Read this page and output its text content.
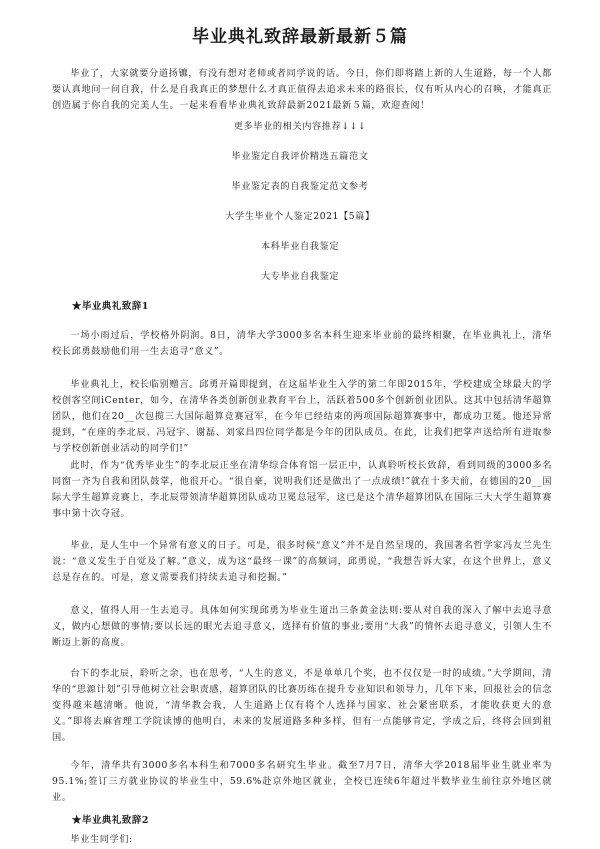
毕业典礼致辞最新最新５篇
毕业了，大家就要分道扬镳，有没有想对老师或者同学说的话。今日，你们即将踏上新的人生道路，每一个人都要认真地问一问自我，什么是自我真正的梦想什么才真正值得去追求未来的路很长，仅有听从内心的召唤，才能真正创造属于你自我的完美人生。一起来看看毕业典礼致辞最新2021最新５篇，欢迎查阅！
更多毕业的相关内容推荐↓↓↓
毕业鉴定自我评价精选五篇范文
毕业鉴定表的自我鉴定范文参考
大学生毕业个人鉴定2021【5篇】
本科毕业自我鉴定
大专毕业自我鉴定
★毕业典礼致辞1
一场小雨过后，学校格外阴润。8日，清华大学3000多名本科生迎来毕业前的最终相聚，在毕业典礼上，清华校长邱勇鼓励他们用一生去追寻“意义”。
毕业典礼上，校长临别赠言。邱勇开篇即提到，在这届毕业生入学的第二年即2015年，学校建成全球最大的学校创客空间iCenter，如今，在清华各类创新创业教育平台上，活跃着500多个创新创业团队。这其中包括清华超算团队，他们在20__次包揽三大国际超算竞赛冠军，在今年已经结束的两项国际超算赛事中，都成功卫冕。他还异常提到，“在座的李北辰、冯冠宇、谢磊、刘家昌四位同学都是今年的团队成员。在此，让我们把掌声送给所有进取参与学校创新创业活动的同学们!”
此时，作为“优秀毕业生”的李北辰正坐在清华综合体育馆一层正中，认真聆听校长致辞，看到同级的3000多名同窗一齐为自我和团队鼓掌，他很开心。“很自豪，说明我们还是做出了一点成绩!”就在十多天前，在德国的20__国际大学生超算竞赛上，李北辰带领清华超算团队成功卫冕总冠军，这已是这个清华超算团队在国际三大大学生超算赛事中第十次夺冠。
毕业，是人生中一个异常有意义的日子。可是，很多时候“意义”并不是自然呈现的，我国著名哲学家冯友兰先生说：“意义发生于自觉及了解。”意义，成为这“最终一课”的高频词，邱勇说，“我想告诉大家，在这个世界上，意义总是存在的。可是，意义需要我们持续去追寻和挖掘。”
意义，值得人用一生去追寻。具体如何实现邱勇为毕业生道出三条黄金法则:要从对自我的深入了解中去追寻意义，做内心想做的事情;要以长远的眼光去追寻意义，选择有价值的事业;要用“大我”的情怀去追寻意义，引领人生不断迈上新的高度。
台下的李北辰，聆听之余，也在思考，“人生的意义，不是单单几个奖，也不仅仅是一时的成绩。”大学期间，清华的“思源计划”引导他树立社会职责感，超算团队的比赛历练在提升专业知识和领导力，几年下来，回报社会的信念变得越来越清晰。他说，“清华教会我，人生道路上仅有将个人选择与国家、社会紧密联系，才能收获更大的意义。”即将去麻省理工学院读博的他明白，未来的发展道路多种多样，但有一点能够肯定，学成之后，终将会回到祖国。
今年，清华共有3000多名本科生和7000多名研究生毕业。截至7月7日，清华大学2018届毕业生就业率为95.1%;签订三方就业协议的毕业生中，59.6%赴京外地区就业，全校已连续6年超过半数毕业生前往京外地区就业。
★毕业典礼致辞2
毕业生同学们:
